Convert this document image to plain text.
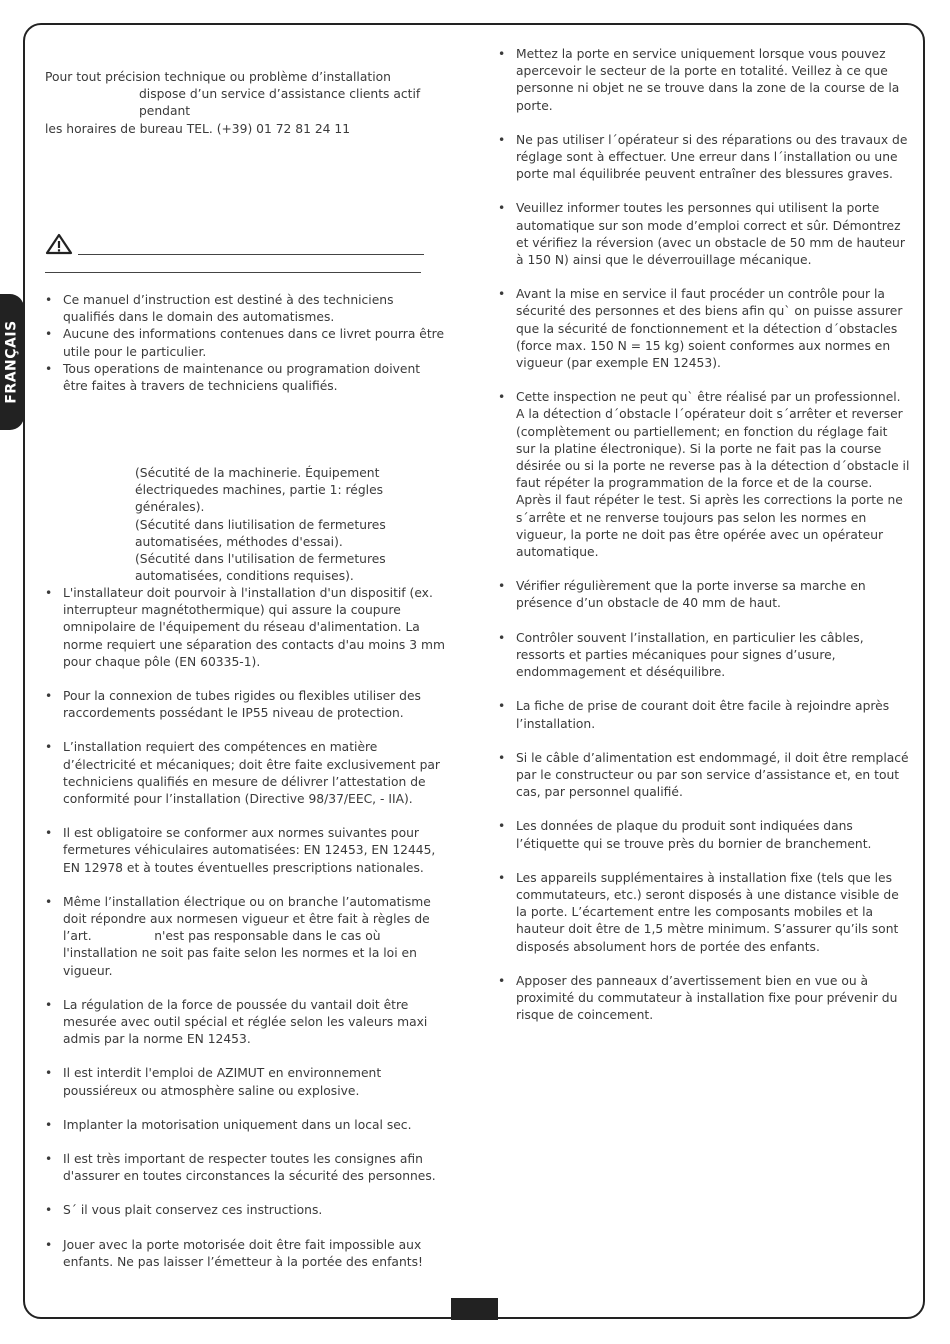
FRANÇAIS

Pour tout précision technique ou problème d’installation

dispose d’un service d’assistance clients actif pendant

les horaires de bureau TEL. (+39) 01 72 81 24 11

• Ce manuel d’instruction est destiné à des techniciens qualifiés dans le domain des automatismes.
• Aucune des informations contenues dans ce livret pourra être utile pour le particulier.
• Tous operations de maintenance ou programation doivent être faites à travers de techniciens qualifiés.

(Sécutité de la machinerie. Équipement électriquedes machines, partie 1: régles générales).

(Sécutité dans liutilisation de fermetures automatisées, méthodes d'essai).

(Sécutité dans l'utilisation de fermetures automatisées, conditions requises).

• L'installateur doit pourvoir à l'installation d'un dispositif (ex. interrupteur magnétothermique) qui assure la coupure omnipolaire de l'équipement du réseau d'alimentation. La norme requiert une séparation des contacts d'au moins 3 mm pour chaque pôle (EN 60335-1).
• Pour la connexion de tubes rigides ou flexibles utiliser des raccordements possédant le IP55 niveau de protection.
• L’installation requiert des compétences en matière d’électricité et mécaniques; doit être faite exclusivement par techniciens qualifiés en mesure de délivrer l’attestation de conformité pour l’installation (Directive 98/37/EEC, - IIA).
• Il est obligatoire se conformer aux normes suivantes pour fermetures véhiculaires automatisées: EN 12453, EN 12445, EN 12978 et à toutes éventuelles prescriptions nationales.
• Même l’installation électrique ou on branche l’automatisme doit répondre aux normesen vigueur et être fait à règles de l’art.                n'est pas responsable dans le cas où l'installation ne soit pas faite selon les normes et la loi en vigueur.
• La régulation de la force de poussée du vantail doit être mesurée avec outil spécial et réglée selon les valeurs maxi admis par la norme EN 12453.
• Il est interdit l'emploi de AZIMUT en environnement poussiéreux ou atmosphère saline ou explosive.
• Implanter la motorisation uniquement dans un local sec.
• Il est très important de respecter toutes les consignes afin d'assurer en toutes circonstances la sécurité des personnes.
• S´ il vous plait conservez ces instructions.
• Jouer avec la porte motorisée doit être fait impossible aux enfants. Ne pas laisser l’émetteur à la portée des enfants!
• Mettez la porte en service uniquement lorsque vous pouvez apercevoir le secteur de la porte en totalité. Veillez à ce que personne ni objet ne se trouve dans la zone de la course de la porte.
• Ne pas utiliser l´opérateur si des réparations ou des travaux de réglage sont à effectuer. Une erreur dans l´installation ou une porte mal équilibrée peuvent entraîner des blessures graves.
• Veuillez informer toutes les personnes qui utilisent la porte automatique sur son mode d’emploi correct et sûr. Démontrez et vérifiez la réversion (avec un obstacle de 50 mm de hauteur à 150 N) ainsi que le déverrouillage mécanique.
• Avant la mise en service il faut procéder un contrôle pour la sécurité des personnes et des biens afin qu` on puisse assurer que la sécurité de fonctionnement et la détection d´obstacles (force max. 150 N = 15 kg) soient conformes aux normes en vigueur (par exemple EN 12453).
• Cette inspection ne peut qu` être réalisé par un professionnel. A la détection d´obstacle l´opérateur doit s´arrêter et reverser (complètement ou partiellement; en fonction du réglage fait sur la platine électronique). Si la porte ne fait pas la course désirée ou si la porte ne reverse pas à la détection d´obstacle il faut répéter la programmation de la force et de la course. Après il faut répéter le test. Si après les corrections la porte ne s´arrête et ne renverse toujours pas selon les normes en vigueur, la porte ne doit pas être opérée avec un opérateur automatique.
• Vérifier régulièrement que la porte inverse sa marche en présence d’un obstacle de 40 mm de haut.
• Contrôler souvent l’installation, en particulier les câbles, ressorts et parties mécaniques pour signes d’usure, endommagement et déséquilibre.
• La fiche de prise de courant doit être facile à rejoindre après l’installation.
• Si le câble d’alimentation est endommagé, il doit être remplacé par le constructeur ou par son service d’assistance et, en tout cas, par personnel qualifié.
• Les données de plaque du produit sont indiquées dans l’étiquette qui se trouve près du bornier de branchement.
• Les appareils supplémentaires à installation fixe (tels que les commutateurs, etc.) seront disposés à une distance visible de la porte. L’écartement entre les composants mobiles et la hauteur doit être de 1,5 mètre minimum. S’assurer qu’ils sont disposés absolument hors de portée des enfants.
• Apposer des panneaux d’avertissement bien en vue ou à proximité du commutateur à installation fixe pour prévenir du risque de coincement.
